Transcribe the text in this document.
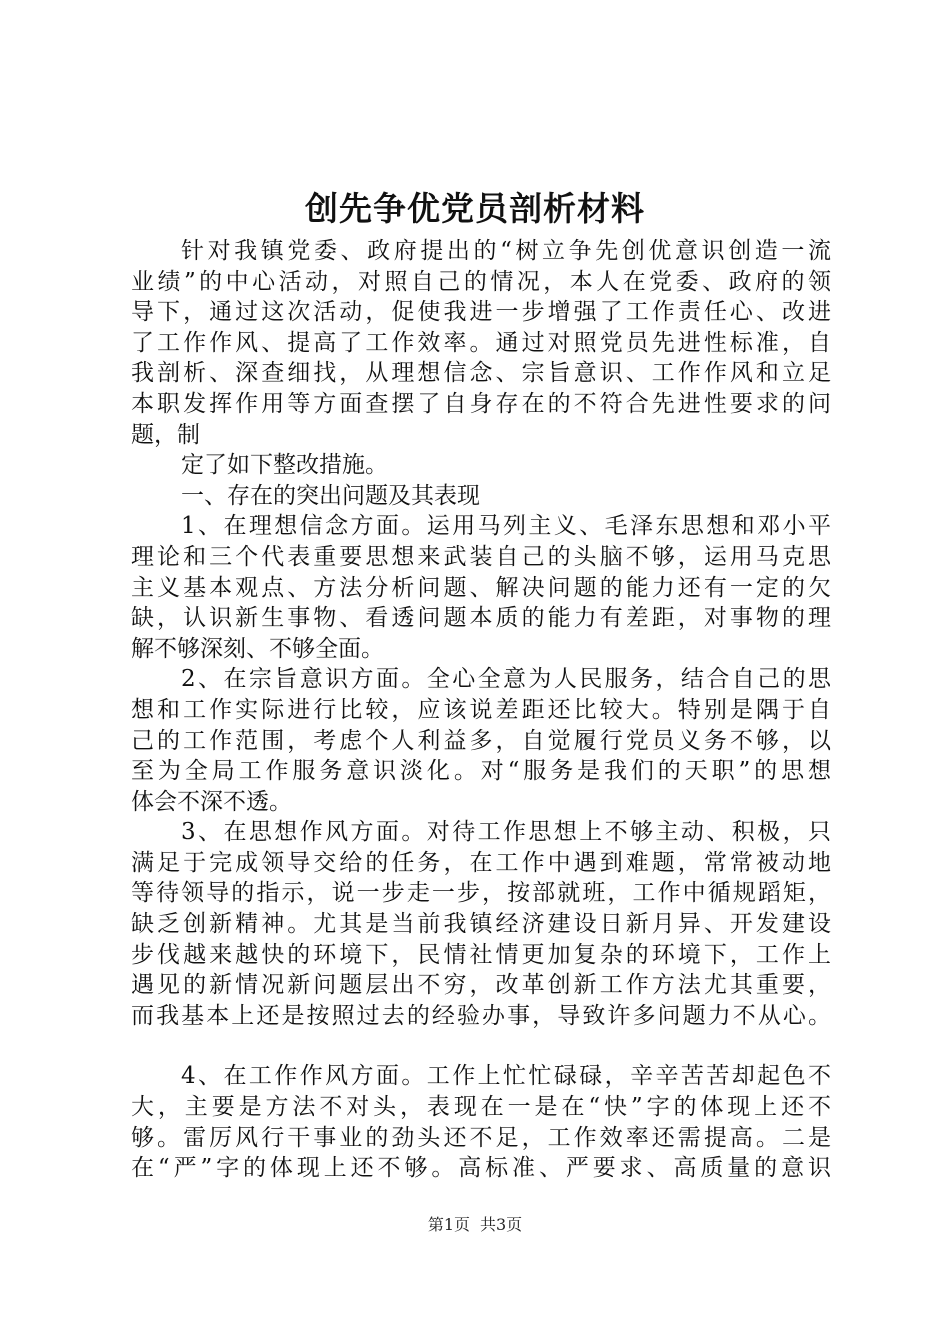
创先争优党员剖析材料
针对我镇党委、政府提出的“树立争先创优意识创造一流
业绩”的中心活动，对照自己的情况，本人在党委、政府的领
导下，通过这次活动，促使我进一步增强了工作责任心、改进
了工作作风、提高了工作效率。通过对照党员先进性标准，自
我剖析、深查细找，从理想信念、宗旨意识、工作作风和立足
本职发挥作用等方面查摆了自身存在的不符合先进性要求的问
题，制
定了如下整改措施。
一、存在的突出问题及其表现
1、在理想信念方面。运用马列主义、毛泽东思想和邓小平
理论和三个代表重要思想来武装自己的头脑不够，运用马克思
主义基本观点、方法分析问题、解决问题的能力还有一定的欠
缺，认识新生事物、看透问题本质的能力有差距，对事物的理
解不够深刻、不够全面。
2、在宗旨意识方面。全心全意为人民服务，结合自己的思
想和工作实际进行比较，应该说差距还比较大。特别是隅于自
己的工作范围，考虑个人利益多，自觉履行党员义务不够，以
至为全局工作服务意识淡化。对“服务是我们的天职”的思想
体会不深不透。
3、在思想作风方面。对待工作思想上不够主动、积极，只
满足于完成领导交给的任务，在工作中遇到难题，常常被动地
等待领导的指示，说一步走一步，按部就班，工作中循规蹈矩，
缺乏创新精神。尤其是当前我镇经济建设日新月异、开发建设
步伐越来越快的环境下，民情社情更加复杂的环境下，工作上
遇见的新情况新问题层出不穷，改革创新工作方法尤其重要，
而我基本上还是按照过去的经验办事，导致许多问题力不从心。
4、在工作作风方面。工作上忙忙碌碌，辛辛苦苦却起色不
大，主要是方法不对头，表现在一是在“快”字的体现上还不
够。雷厉风行干事业的劲头还不足，工作效率还需提高。二是
在“严”字的体现上还不够。高标准、严要求、高质量的意识
第1页 共3页
